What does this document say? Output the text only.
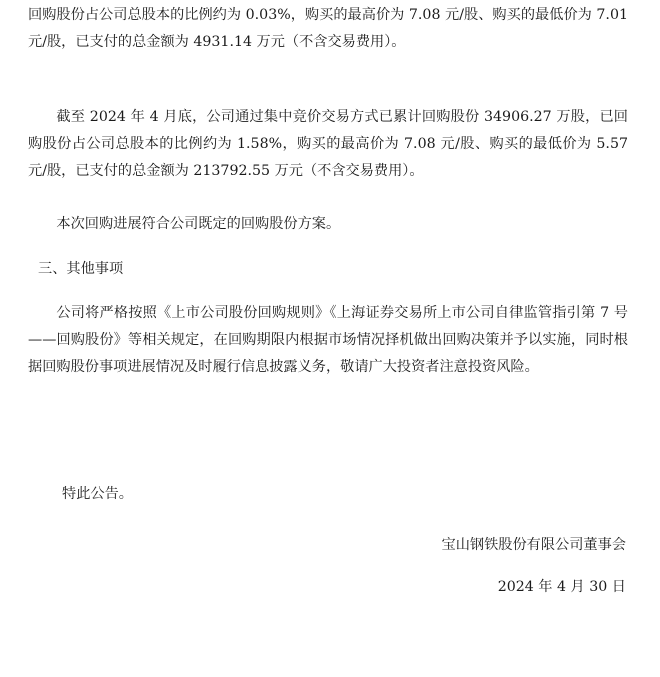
回购股份占公司总股本的比例约为 0.03%，购买的最高价为 7.08 元/股、购买的最低价为 7.01 元/股，已支付的总金额为 4931.14 万元（不含交易费用）。

截至 2024 年 4 月底，公司通过集中竞价交易方式已累计回购股份 34906.27 万股，已回购股份占公司总股本的比例约为 1.58%，购买的最高价为 7.08 元/股、购买的最低价为 5.57 元/股，已支付的总金额为 213792.55 万元（不含交易费用）。

本次回购进展符合公司既定的回购股份方案。

三、其他事项

公司将严格按照《上市公司股份回购规则》《上海证券交易所上市公司自律监管指引第 7 号——回购股份》等相关规定，在回购期限内根据市场情况择机做出回购决策并予以实施，同时根据回购股份事项进展情况及时履行信息披露义务，敬请广大投资者注意投资风险。

特此公告。

宝山钢铁股份有限公司董事会

2024 年 4 月 30 日
